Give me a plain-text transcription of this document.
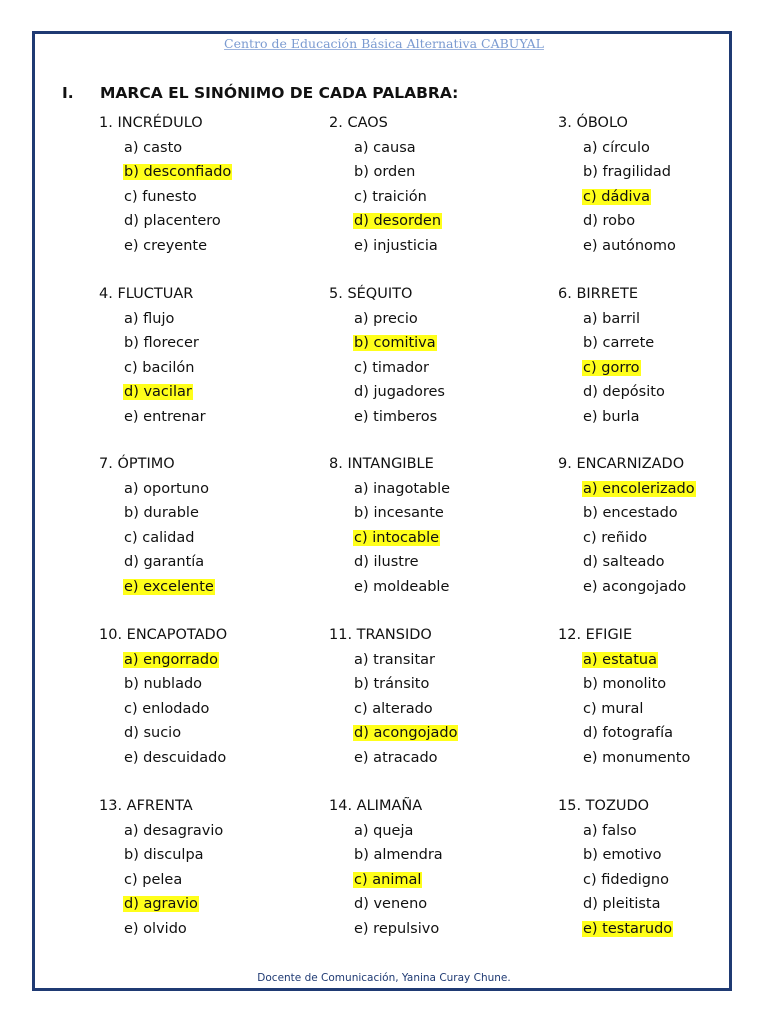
Centro de Educación Básica Alternativa CABUYAL
I. MARCA EL SINÓNIMO DE CADA PALABRA:
1. INCRÉDULO
a) casto
b) desconfiado
c) funesto
d) placentero
e) creyente
2. CAOS
a) causa
b) orden
c) traición
d) desorden
e) injusticia
3. ÓBOLO
a) círculo
b) fragilidad
c) dádiva
d) robo
e) autónomo
4. FLUCTUAR
a) flujo
b) florecer
c) bacilón
d) vacilar
e) entrenar
5. SÉQUITO
a) precio
b) comitiva
c) timador
d) jugadores
e) timberos
6. BIRRETE
a) barril
b) carrete
c) gorro
d) depósito
e) burla
7. ÓPTIMO
a) oportuno
b) durable
c) calidad
d) garantía
e) excelente
8. INTANGIBLE
a) inagotable
b) incesante
c) intocable
d) ilustre
e) moldeable
9. ENCARNIZADO
a) encolerizado
b) encestado
c) reñido
d) salteado
e) acongojado
10. ENCAPOTADO
a) engorrado
b) nublado
c) enlodado
d) sucio
e) descuidado
11. TRANSIDO
a) transitar
b) tránsito
c) alterado
d) acongojado
e) atracado
12. EFIGIE
a) estatua
b) monolito
c) mural
d) fotografía
e) monumento
13. AFRENTA
a) desagravio
b) disculpa
c) pelea
d) agravio
e) olvido
14. ALIMAÑA
a) queja
b) almendra
c) animal
d) veneno
e) repulsivo
15. TOZUDO
a) falso
b) emotivo
c) fidedigno
d) pleitista
e) testarudo
Docente de Comunicación, Yanina Curay Chune.
